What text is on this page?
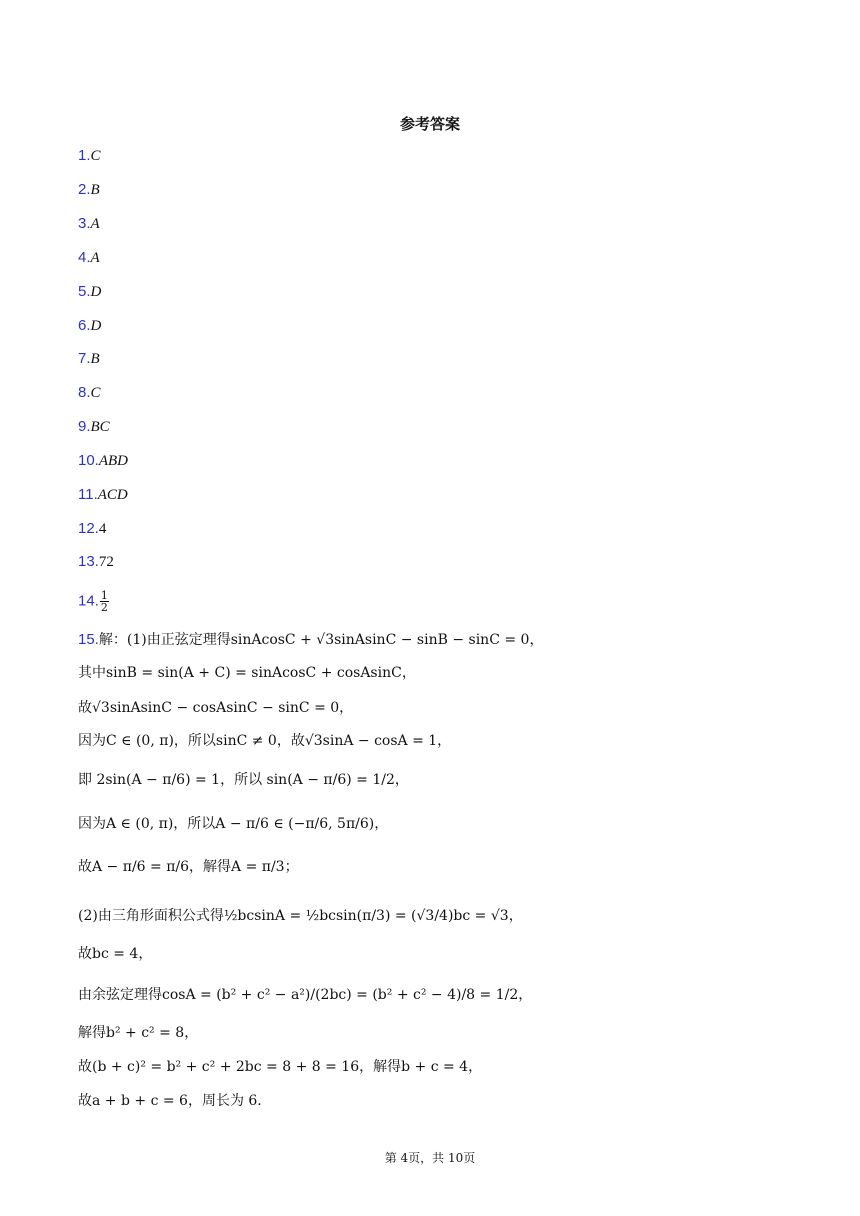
参考答案
1.C
2.B
3.A
4.A
5.D
6.D
7.B
8.C
9.BC
10.ABD
11.ACD
12.4
13.72
14. $\frac{1}{2}$
15.解：(1)由正弦定理得sinAcosC + √3sinAsinC − sinB − sinC = 0，
其中sinB = sin(A + C) = sinAcosC + cosAsinC，
故√3sinAsinC − cosAsinC − sinC = 0，
因为C ∈ (0, π)，所以sinC ≠ 0，故√3sinA − cosA = 1，
即 2sin(A − π/6) = 1，所以 sin(A − π/6) = 1/2，
因为A ∈ (0, π)，所以A − π/6 ∈ (−π/6, 5π/6)，
故A − π/6 = π/6，解得A = π/3；
(2)由三角形面积公式得½bcsinA = ½bcsin(π/3) = (√3/4)bc = √3，
故bc = 4，
由余弦定理得cosA = (b² + c² − a²)/(2bc) = (b² + c² − 4)/8 = 1/2，
解得b² + c² = 8，
故(b + c)² = b² + c² + 2bc = 8 + 8 = 16，解得b + c = 4，
故a + b + c = 6，周长为 6.
第 4页，共 10页
